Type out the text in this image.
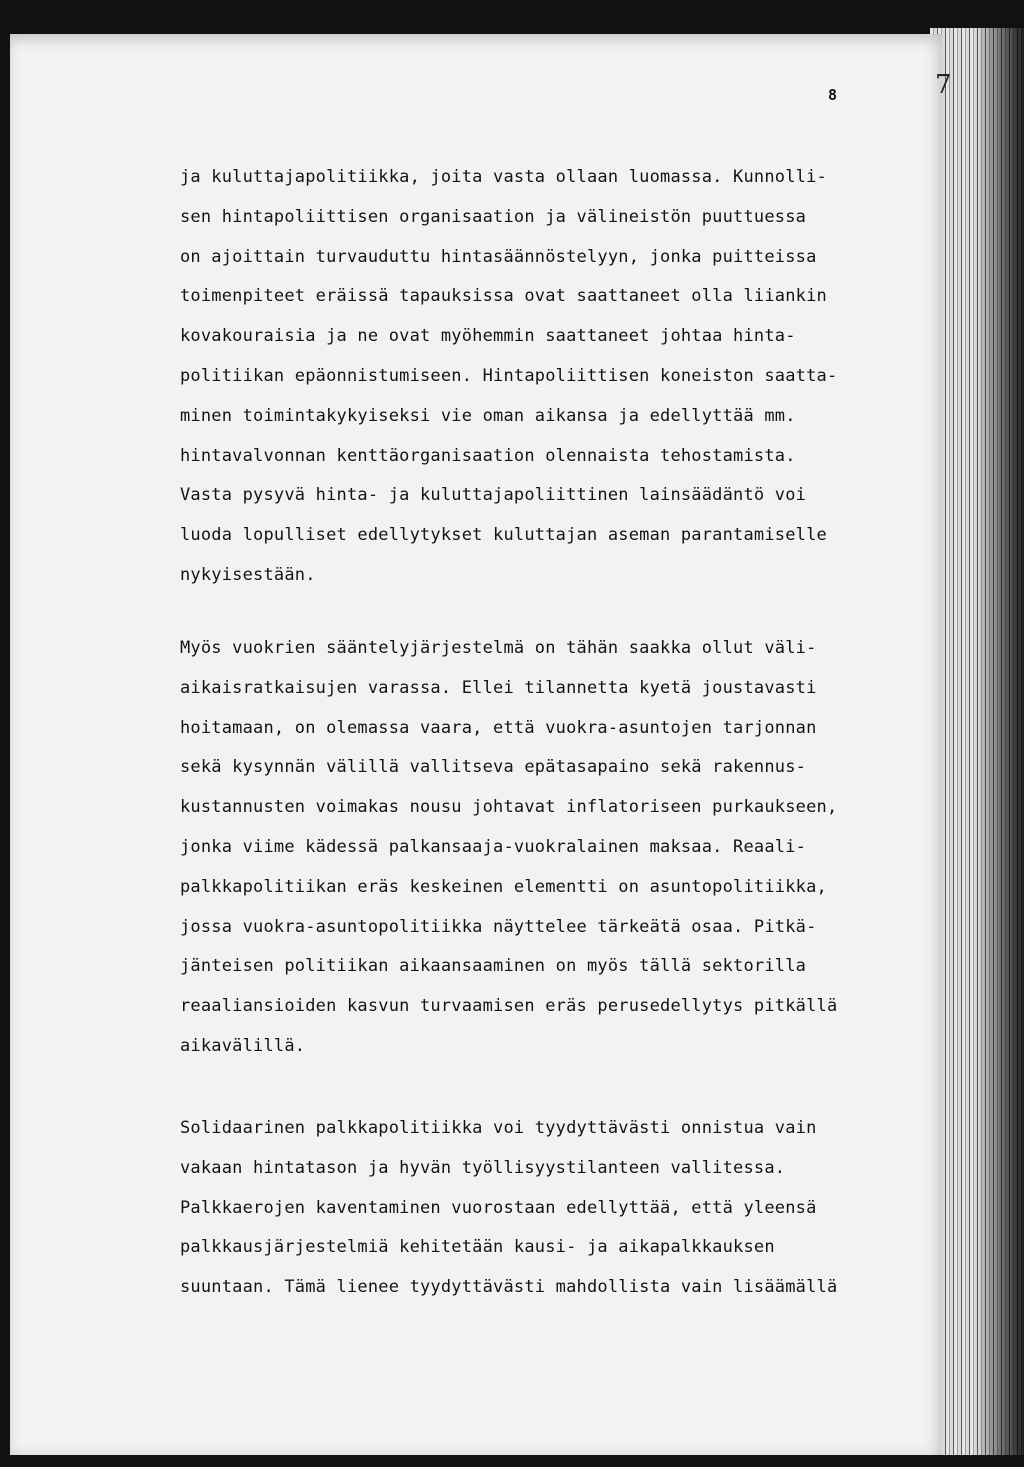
8	7
ja kuluttajapolitiikka, joita vasta ollaan luomassa. Kunnolli-
sen hintapoliittisen organisaation ja välineistön puuttuessa
on ajoittain turvauduttu hintasäännöstelyyn, jonka puitteissa
toimenpiteet eräissä tapauksissa ovat saattaneet olla liiankin
kovakouraisia ja ne ovat myöhemmin saattaneet johtaa hinta-
politiikan epäonnistumiseen. Hintapoliittisen koneiston saatta-
minen toimintakykyiseksi vie oman aikansa ja edellyttää mm.
hintavalvonnan kenttäorganisaation olennaista tehostamista.
Vasta pysyvä hinta- ja kuluttajapoliittinen lainsäädäntö voi
luoda lopulliset edellytykset kuluttajan aseman parantamiselle
nykyisestään.
Myös vuokrien sääntelyjärjestelmä on tähän saakka ollut väli-
aikaisratkaisujen varassa. Ellei tilannetta kyetä joustavasti
hoitamaan, on olemassa vaara, että vuokra-asuntojen tarjonnan
sekä kysynnän välillä vallitseva epätasapaino sekä rakennus-
kustannusten voimakas nousu johtavat inflatoriseen purkaukseen,
jonka viime kädessä palkansaaja-vuokralainen maksaa. Reaali-
palkkapolitiikan eräs keskeinen elementti on asuntopolitiikka,
jossa vuokra-asuntopolitiikka näyttelee tärkeätä osaa. Pitkä-
jänteisen politiikan aikaansaaminen on myös tällä sektorilla
reaaliansioiden kasvun turvaamisen eräs perusedellytys pitkällä
aikavälillä.
Solidaarinen palkkapolitiikka voi tyydyttävästi onnistua vain
vakaan hintatason ja hyvän työllisyystilanteen vallitessa.
Palkkaerojen kaventaminen vuorostaan edellyttää, että yleensä
palkkausjärjestelmiä kehitetään kausi- ja aikapalkkauksen
suuntaan. Tämä lienee tyydyttävästi mahdollista vain lisäämällä
